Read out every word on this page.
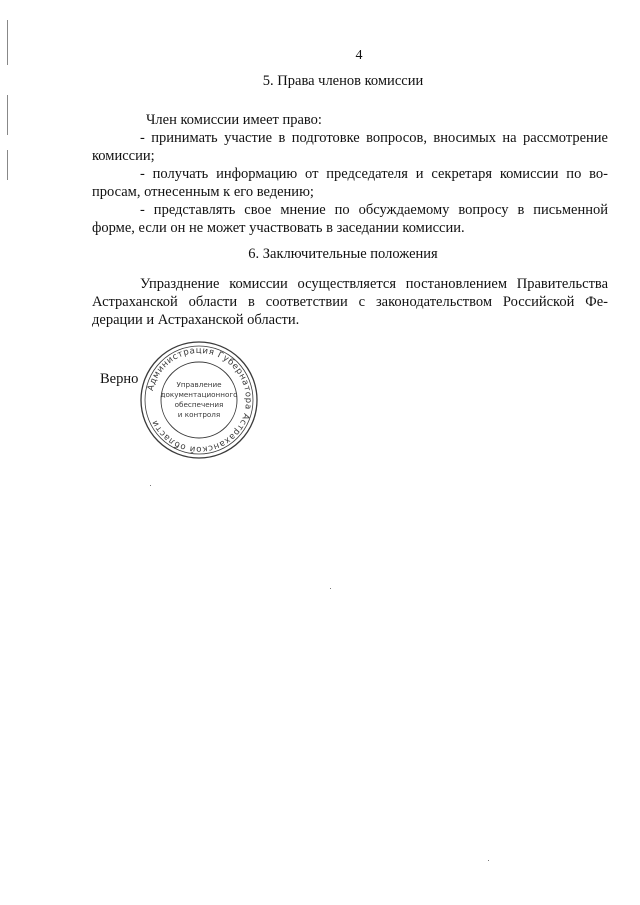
4
5. Права членов комиссии
Член комиссии имеет право:
- принимать участие в подготовке вопросов, вносимых на рассмотрение
комиссии;
- получать информацию от председателя и секретаря комиссии по во-
просам, отнесенным к его ведению;
- представлять свое мнение по обсуждаемому вопросу в письменной
форме, если он не может участвовать в заседании комиссии.
6. Заключительные положения
Упразднение комиссии осуществляется постановлением Правительства
Астраханской области в соответствии с законодательством Российской Фе-
дерации и Астраханской области.
Верно
Администрация Губернатора Астраханской области
Управление
документационного
обеспечения
и контроля
